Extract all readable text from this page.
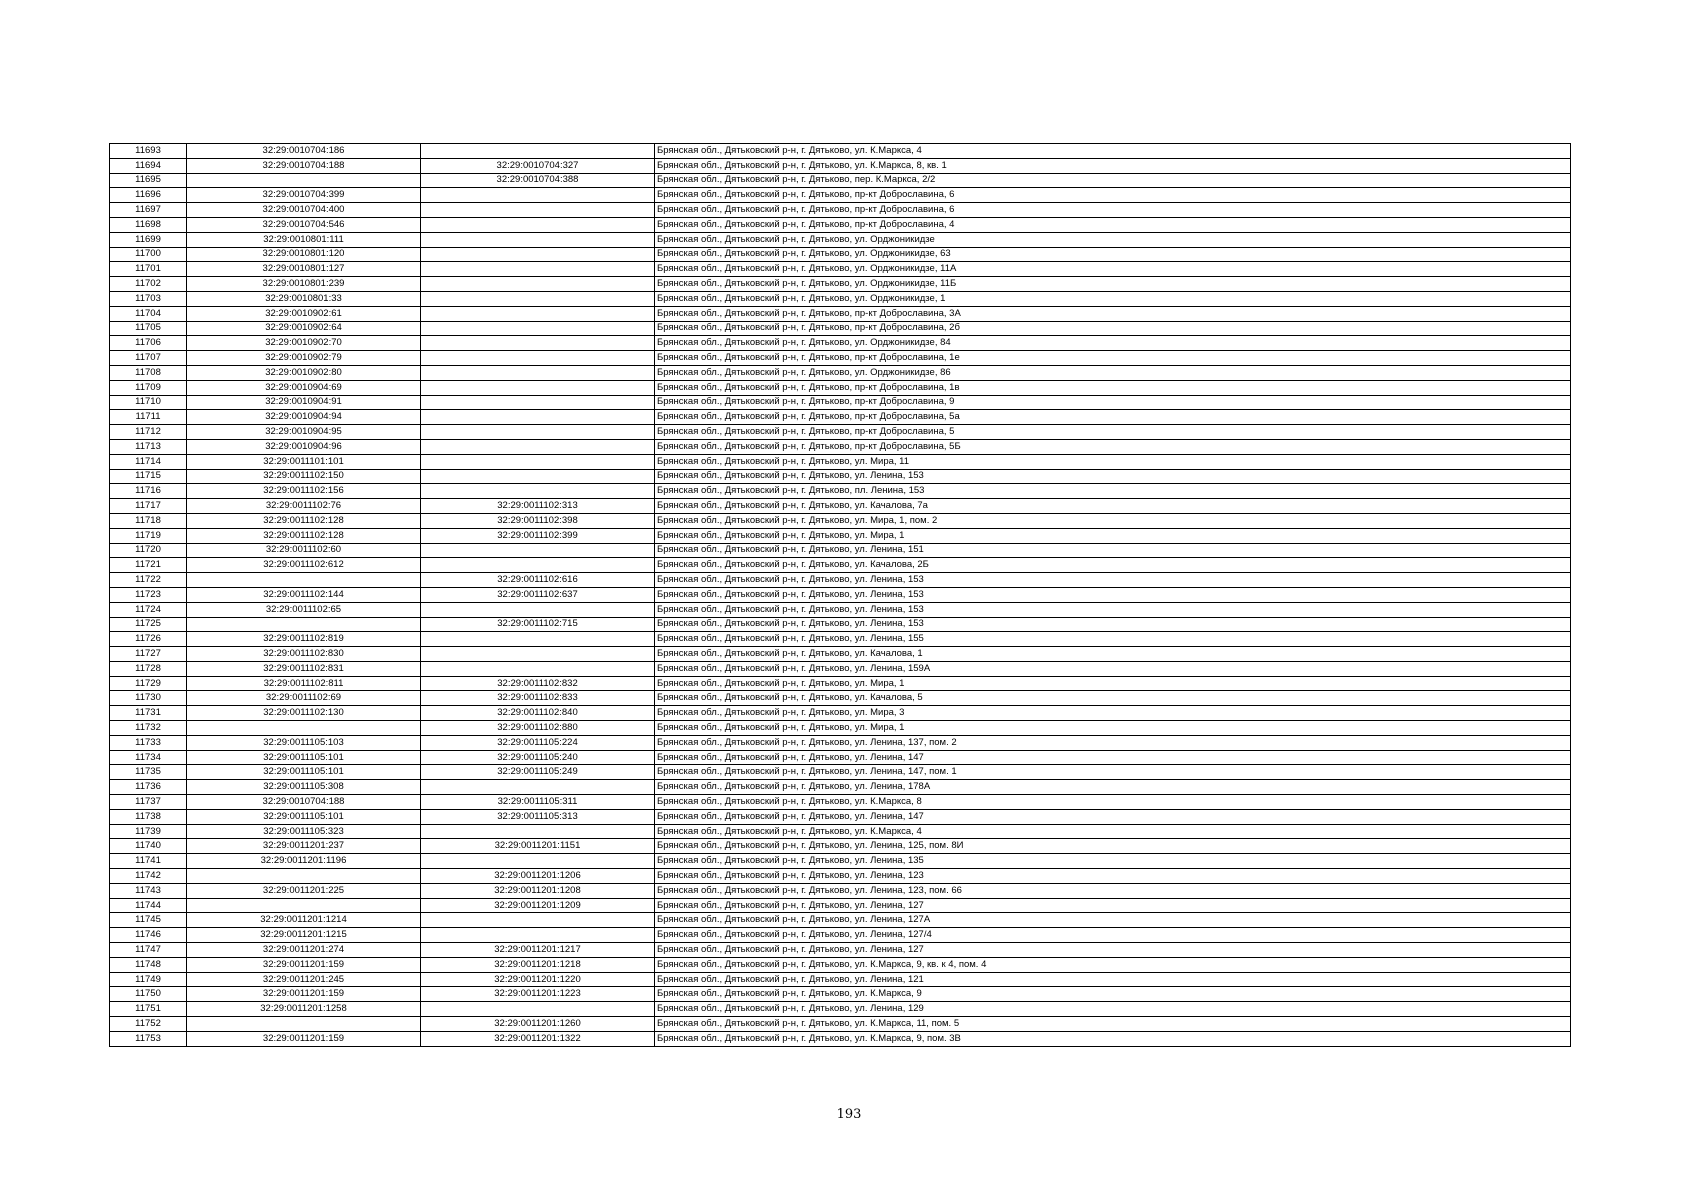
11693	32:29:0010704:186		Брянская обл., Дятьковский р-н, г. Дятьково, ул. К.Маркса, 4
11694	32:29:0010704:188	32:29:0010704:327	Брянская обл., Дятьковский р-н, г. Дятьково, ул. К.Маркса, 8, кв. 1
11695		32:29:0010704:388	Брянская обл., Дятьковский р-н, г. Дятьково, пер. К.Маркса, 2/2
11696	32:29:0010704:399		Брянская обл., Дятьковский р-н, г. Дятьково, пр-кт Доброславина, 6
11697	32:29:0010704:400		Брянская обл., Дятьковский р-н, г. Дятьково, пр-кт Доброславина, 6
11698	32:29:0010704:546		Брянская обл., Дятьковский р-н, г. Дятьково, пр-кт Доброславина, 4
11699	32:29:0010801:111		Брянская обл., Дятьковский р-н, г. Дятьково, ул. Орджоникидзе
11700	32:29:0010801:120		Брянская обл., Дятьковский р-н, г. Дятьково, ул. Орджоникидзе, 63
11701	32:29:0010801:127		Брянская обл., Дятьковский р-н, г. Дятьково, ул. Орджоникидзе, 11А
11702	32:29:0010801:239		Брянская обл., Дятьковский р-н, г. Дятьково, ул. Орджоникидзе, 11Б
11703	32:29:0010801:33		Брянская обл., Дятьковский р-н, г. Дятьково, ул. Орджоникидзе, 1
11704	32:29:0010902:61		Брянская обл., Дятьковский р-н, г. Дятьково, пр-кт Доброславина, 3А
11705	32:29:0010902:64		Брянская обл., Дятьковский р-н, г. Дятьково, пр-кт Доброславина, 2б
11706	32:29:0010902:70		Брянская обл., Дятьковский р-н, г. Дятьково, ул. Орджоникидзе, 84
11707	32:29:0010902:79		Брянская обл., Дятьковский р-н, г. Дятьково, пр-кт Доброславина, 1е
11708	32:29:0010902:80		Брянская обл., Дятьковский р-н, г. Дятьково, ул. Орджоникидзе, 86
11709	32:29:0010904:69		Брянская обл., Дятьковский р-н, г. Дятьково, пр-кт Доброславина, 1в
11710	32:29:0010904:91		Брянская обл., Дятьковский р-н, г. Дятьково, пр-кт Доброславина, 9
11711	32:29:0010904:94		Брянская обл., Дятьковский р-н, г. Дятьково, пр-кт Доброславина, 5а
11712	32:29:0010904:95		Брянская обл., Дятьковский р-н, г. Дятьково, пр-кт Доброславина, 5
11713	32:29:0010904:96		Брянская обл., Дятьковский р-н, г. Дятьково, пр-кт Доброславина, 5Б
11714	32:29:0011101:101		Брянская обл., Дятьковский р-н, г. Дятьково, ул. Мира, 11
11715	32:29:0011102:150		Брянская обл., Дятьковский р-н, г. Дятьково, ул. Ленина, 153
11716	32:29:0011102:156		Брянская обл., Дятьковский р-н, г. Дятьково, пл. Ленина, 153
11717	32:29:0011102:76	32:29:0011102:313	Брянская обл., Дятьковский р-н, г. Дятьково, ул. Качалова, 7а
11718	32:29:0011102:128	32:29:0011102:398	Брянская обл., Дятьковский р-н, г. Дятьково, ул. Мира, 1, пом. 2
11719	32:29:0011102:128	32:29:0011102:399	Брянская обл., Дятьковский р-н, г. Дятьково, ул. Мира, 1
11720	32:29:0011102:60		Брянская обл., Дятьковский р-н, г. Дятьково, ул. Ленина, 151
11721	32:29:0011102:612		Брянская обл., Дятьковский р-н, г. Дятьково, ул. Качалова, 2Б
11722		32:29:0011102:616	Брянская обл., Дятьковский р-н, г. Дятьково, ул. Ленина, 153
11723	32:29:0011102:144	32:29:0011102:637	Брянская обл., Дятьковский р-н, г. Дятьково, ул. Ленина, 153
11724	32:29:0011102:65		Брянская обл., Дятьковский р-н, г. Дятьково, ул. Ленина, 153
11725		32:29:0011102:715	Брянская обл., Дятьковский р-н, г. Дятьково, ул. Ленина, 153
11726	32:29:0011102:819		Брянская обл., Дятьковский р-н, г. Дятьково, ул. Ленина, 155
11727	32:29:0011102:830		Брянская обл., Дятьковский р-н, г. Дятьково, ул. Качалова, 1
11728	32:29:0011102:831		Брянская обл., Дятьковский р-н, г. Дятьково, ул. Ленина, 159А
11729	32:29:0011102:811	32:29:0011102:832	Брянская обл., Дятьковский р-н, г. Дятьково, ул. Мира, 1
11730	32:29:0011102:69	32:29:0011102:833	Брянская обл., Дятьковский р-н, г. Дятьково, ул. Качалова, 5
11731	32:29:0011102:130	32:29:0011102:840	Брянская обл., Дятьковский р-н, г. Дятьково, ул. Мира, 3
11732		32:29:0011102:880	Брянская обл., Дятьковский р-н, г. Дятьково, ул. Мира, 1
11733	32:29:0011105:103	32:29:0011105:224	Брянская обл., Дятьковский р-н, г. Дятьково, ул. Ленина, 137, пом. 2
11734	32:29:0011105:101	32:29:0011105:240	Брянская обл., Дятьковский р-н, г. Дятьково, ул. Ленина, 147
11735	32:29:0011105:101	32:29:0011105:249	Брянская обл., Дятьковский р-н, г. Дятьково, ул. Ленина, 147, пом. 1
11736	32:29:0011105:308		Брянская обл., Дятьковский р-н, г. Дятьково, ул. Ленина, 178А
11737	32:29:0010704:188	32:29:0011105:311	Брянская обл., Дятьковский р-н, г. Дятьково, ул. К.Маркса, 8
11738	32:29:0011105:101	32:29:0011105:313	Брянская обл., Дятьковский р-н, г. Дятьково, ул. Ленина, 147
11739	32:29:0011105:323		Брянская обл., Дятьковский р-н, г. Дятьково, ул. К.Маркса, 4
11740	32:29:0011201:237	32:29:0011201:1151	Брянская обл., Дятьковский р-н, г. Дятьково, ул. Ленина, 125, пом. 8И
11741	32:29:0011201:1196		Брянская обл., Дятьковский р-н, г. Дятьково, ул. Ленина, 135
11742		32:29:0011201:1206	Брянская обл., Дятьковский р-н, г. Дятьково, ул. Ленина, 123
11743	32:29:0011201:225	32:29:0011201:1208	Брянская обл., Дятьковский р-н, г. Дятьково, ул. Ленина, 123, пом. 66
11744		32:29:0011201:1209	Брянская обл., Дятьковский р-н, г. Дятьково, ул. Ленина, 127
11745	32:29:0011201:1214		Брянская обл., Дятьковский р-н, г. Дятьково, ул. Ленина, 127А
11746	32:29:0011201:1215		Брянская обл., Дятьковский р-н, г. Дятьково, ул. Ленина, 127/4
11747	32:29:0011201:274	32:29:0011201:1217	Брянская обл., Дятьковский р-н, г. Дятьково, ул. Ленина, 127
11748	32:29:0011201:159	32:29:0011201:1218	Брянская обл., Дятьковский р-н, г. Дятьково, ул. К.Маркса, 9, кв. к 4, пом. 4
11749	32:29:0011201:245	32:29:0011201:1220	Брянская обл., Дятьковский р-н, г. Дятьково, ул. Ленина, 121
11750	32:29:0011201:159	32:29:0011201:1223	Брянская обл., Дятьковский р-н, г. Дятьково, ул. К.Маркса, 9
11751	32:29:0011201:1258		Брянская обл., Дятьковский р-н, г. Дятьково, ул. Ленина, 129
11752		32:29:0011201:1260	Брянская обл., Дятьковский р-н, г. Дятьково, ул. К.Маркса, 11, пом. 5
11753	32:29:0011201:159	32:29:0011201:1322	Брянская обл., Дятьковский р-н, г. Дятьково, ул. К.Маркса, 9, пом. 3В
193
